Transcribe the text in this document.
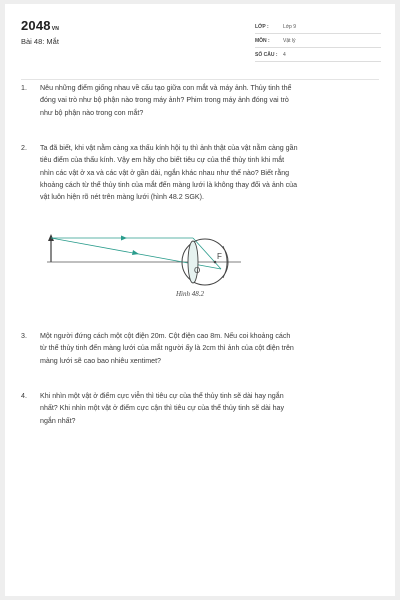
2048VN
Bài 48: Mắt
LỚP :	Lớp 9
MÔN :	Vật lý
SỐ CÂU : 4
1.	Nêu những điểm giống nhau về cấu tạo giữa con mắt và máy ảnh. Thủy tinh thể
đóng vai trò như bộ phận nào trong máy ảnh? Phim trong máy ảnh đóng vai trò
như bộ phận nào trong con mắt?
2.	Ta đã biết, khi vật nằm càng xa thấu kính hội tụ thì ảnh thật của vật nằm càng gần
tiêu điểm của thấu kính. Vậy em hãy cho biết tiêu cự của thể thủy tinh khi mắt
nhìn các vật ở xa và các vật ở gần dài, ngắn khác nhau như thế nào? Biết rằng
khoảng cách từ thể thủy tinh của mắt đến màng lưới là không thay đổi và ảnh của
vật luôn hiện rõ nét trên màng lưới (hình 48.2 SGK).
F
O
Hình 48.2
3.	Một người đứng cách một cột điện 20m. Cột điện cao 8m. Nếu coi khoảng cách
từ thể thủy tinh đến màng lưới của mắt người ấy là 2cm thì ảnh của cột điện trên
màng lưới sẽ cao bao nhiêu xentimet?
4.	Khi nhìn một vật ở điểm cực viễn thì tiêu cự của thể thủy tinh sẽ dài hay ngắn
nhất? Khi nhìn một vật ở điểm cực cận thì tiêu cự của thể thủy tinh sẽ dài hay
ngắn nhất?
